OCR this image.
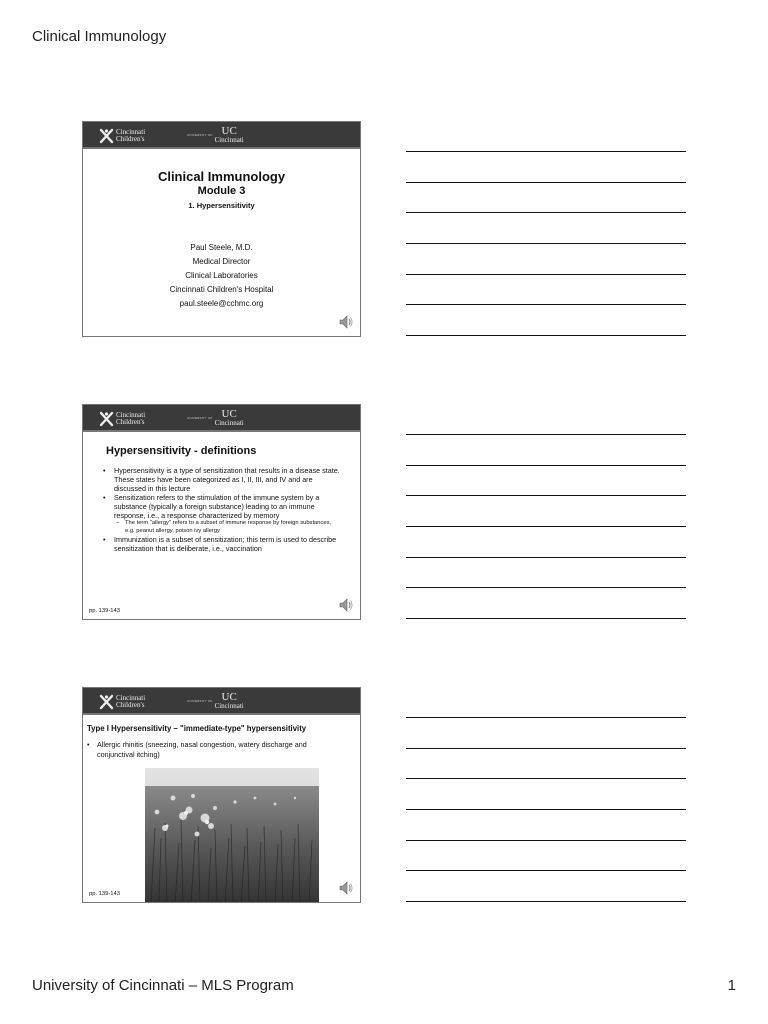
Clinical Immunology
Cincinnati
Children's	UNIVERSITY OF UC
Cincinnati
Clinical Immunology
Module 3
1. Hypersensitivity
Paul Steele, M.D.
Medical Director
Clinical Laboratories
Cincinnati Children's Hospital
paul.steele@cchmc.org
Cincinnati
Children's	UNIVERSITY OF UC
Cincinnati
Hypersensitivity - definitions
• Hypersensitivity is a type of sensitization that results in a disease state. These states have been categorized as I, II, III, and IV and are discussed in this lecture
• Sensitization refers to the stimulation of the immune system by a substance (typically a foreign substance) leading to an immune response, i.e., a response characterized by memory
– The term "allergy" refers to a subset of immune response by foreign substances, e.g. peanut allergy, poison ivy allergy
• Immunization is a subset of sensitization; this term is used to describe sensitization that is deliberate, i.e., vaccination
pp. 139-143
Cincinnati
Children's	UNIVERSITY OF UC
Cincinnati
Type I Hypersensitivity – "immediate-type" hypersensitivity
• Allergic rhinitis (sneezing, nasal congestion, watery discharge and conjunctival itching)
pp. 139-143
University of Cincinnati – MLS Program	1
